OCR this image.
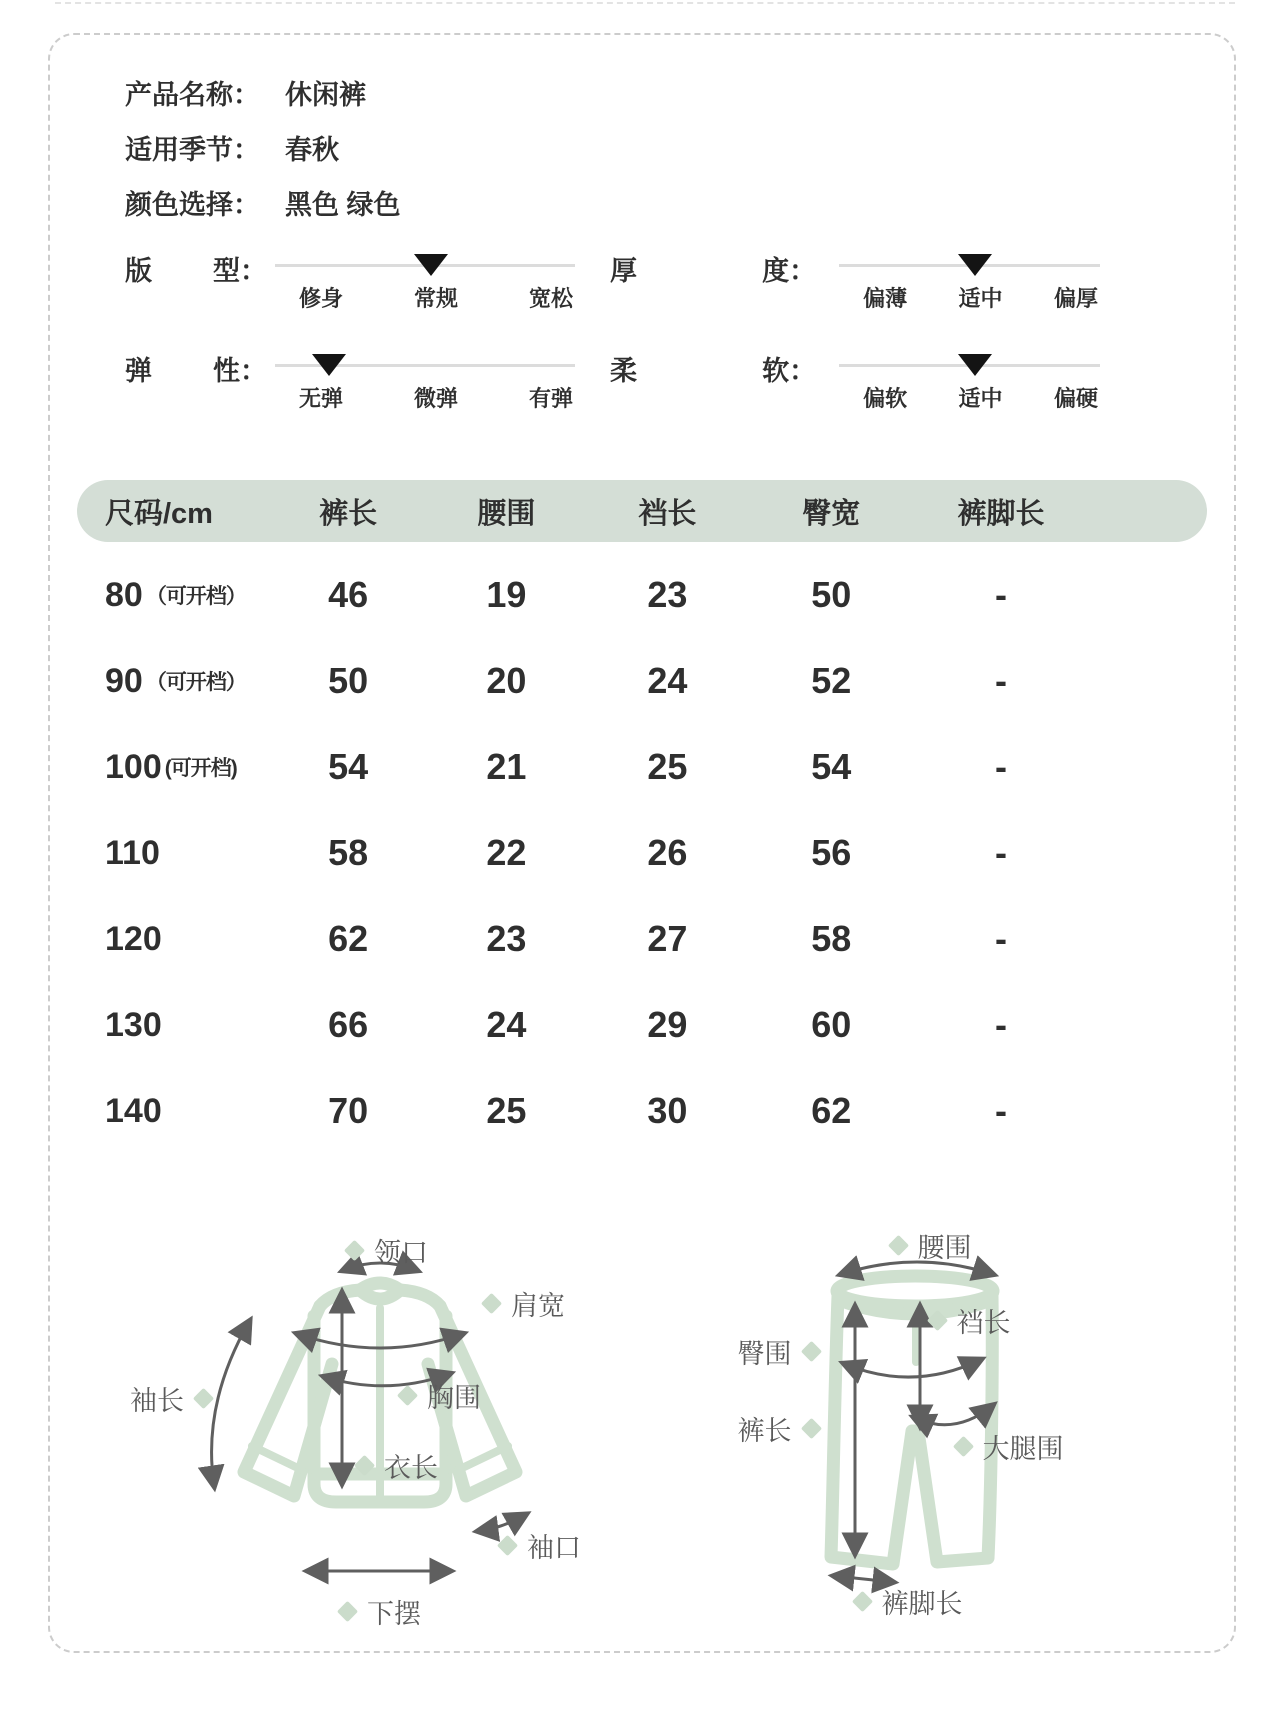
产品名称： 休闲裤
适用季节： 春秋
颜色选择： 黑色 绿色
版 型：
修身	常规	宽松
厚	度：
偏薄 适中 偏厚
弹 性：
无弹	微弹	有弹
柔	软：
偏软 适中 偏硬
尺码/cm	裤长	腰围	裆长	臀宽	裤脚长
80 （可开档）	46	19	23	50	-
90 （可开档）	50	20	24	52	-
100 (可开档)	54	21	25	54	-
110	58	22	26	56	-
120	62	23	27	58	-
130	66	24	29	60	-
140	70	25	30	62	-
领口
肩宽
袖长	胸围
衣长
袖口
下摆
腰围
裆长
臀围
裤长
大腿围
裤脚长
